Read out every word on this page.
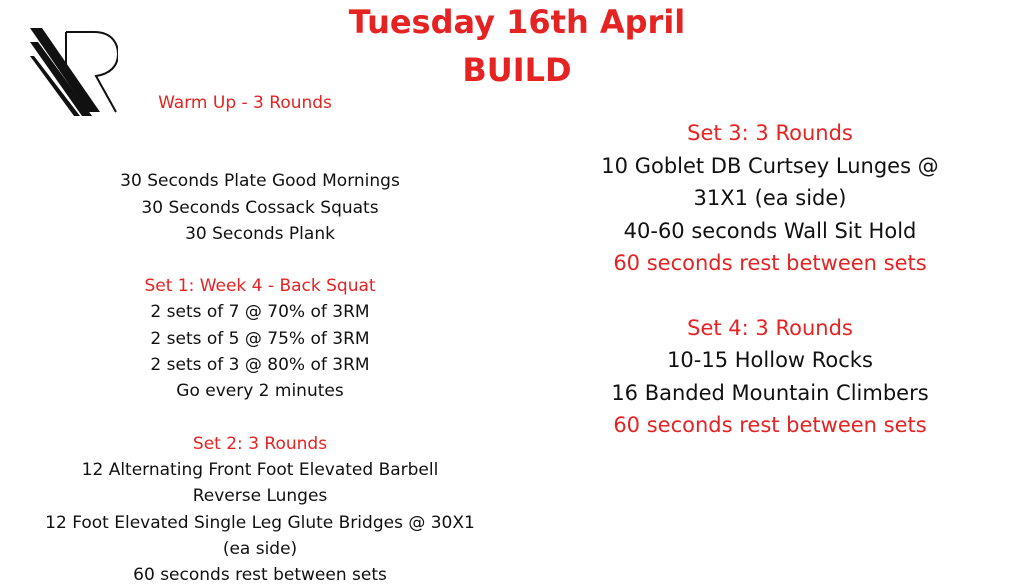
Tuesday 16th April
BUILD
Warm Up - 3 Rounds
30 Seconds Plate Good Mornings
30 Seconds Cossack Squats
30 Seconds Plank
Set 1: Week 4 - Back Squat
2 sets of 7 @ 70% of 3RM
2 sets of 5 @ 75% of 3RM
2 sets of 3 @ 80% of 3RM
Go every 2 minutes
Set 2: 3 Rounds
12 Alternating Front Foot Elevated Barbell
Reverse Lunges
12 Foot Elevated Single Leg Glute Bridges @ 30X1
(ea side)
60 seconds rest between sets
Set 3: 3 Rounds
10 Goblet DB Curtsey Lunges @
31X1 (ea side)
40-60 seconds Wall Sit Hold
60 seconds rest between sets
Set 4: 3 Rounds
10-15 Hollow Rocks
16 Banded Mountain Climbers
60 seconds rest between sets
